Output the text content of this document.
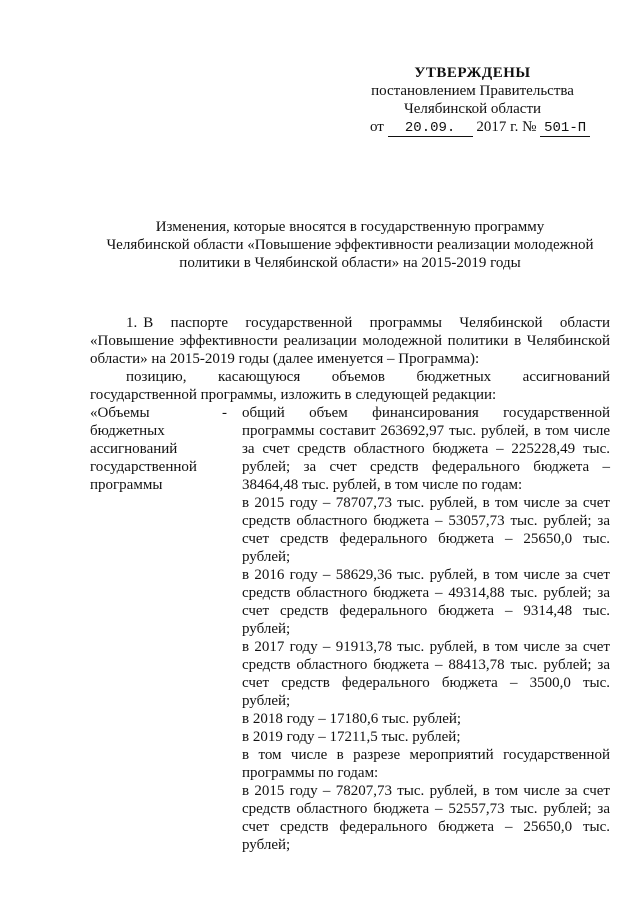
УТВЕРЖДЕНЫ
постановлением Правительства
Челябинской области
от 20.09. 2017 г. № 501-П
Изменения, которые вносятся в государственную программу
Челябинской области «Повышение эффективности реализации молодежной
политики в Челябинской области» на 2015-2019 годы
1. В паспорте государственной программы Челябинской области «Повышение эффективности реализации молодежной политики в Челябинской области» на 2015-2019 годы (далее именуется – Программа):
позицию, касающуюся объемов бюджетных ассигнований
государственной программы, изложить в следующей редакции:
«Объемы бюджетных ассигнований государственной программы
- общий объем финансирования государственной программы составит 263692,97 тыс. рублей, в том числе за счет средств областного бюджета – 225228,49 тыс. рублей; за счет средств федерального бюджета – 38464,48 тыс. рублей, в том числе по годам:

в 2015 году – 78707,73 тыс. рублей, в том числе за счет средств областного бюджета – 53057,73 тыс. рублей; за счет средств федерального бюджета – 25650,0 тыс. рублей;

в 2016 году – 58629,36 тыс. рублей, в том числе за счет средств областного бюджета – 49314,88 тыс. рублей; за счет средств федерального бюджета – 9314,48 тыс. рублей;

в 2017 году – 91913,78 тыс. рублей, в том числе за счет средств областного бюджета – 88413,78 тыс. рублей; за счет средств федерального бюджета – 3500,0 тыс. рублей;

в 2018 году – 17180,6 тыс. рублей;

в 2019 году – 17211,5 тыс. рублей;

в том числе в разрезе мероприятий государственной программы по годам:

в 2015 году – 78207,73 тыс. рублей, в том числе за счет средств областного бюджета – 52557,73 тыс. рублей; за счет средств федерального бюджета – 25650,0 тыс. рублей;
